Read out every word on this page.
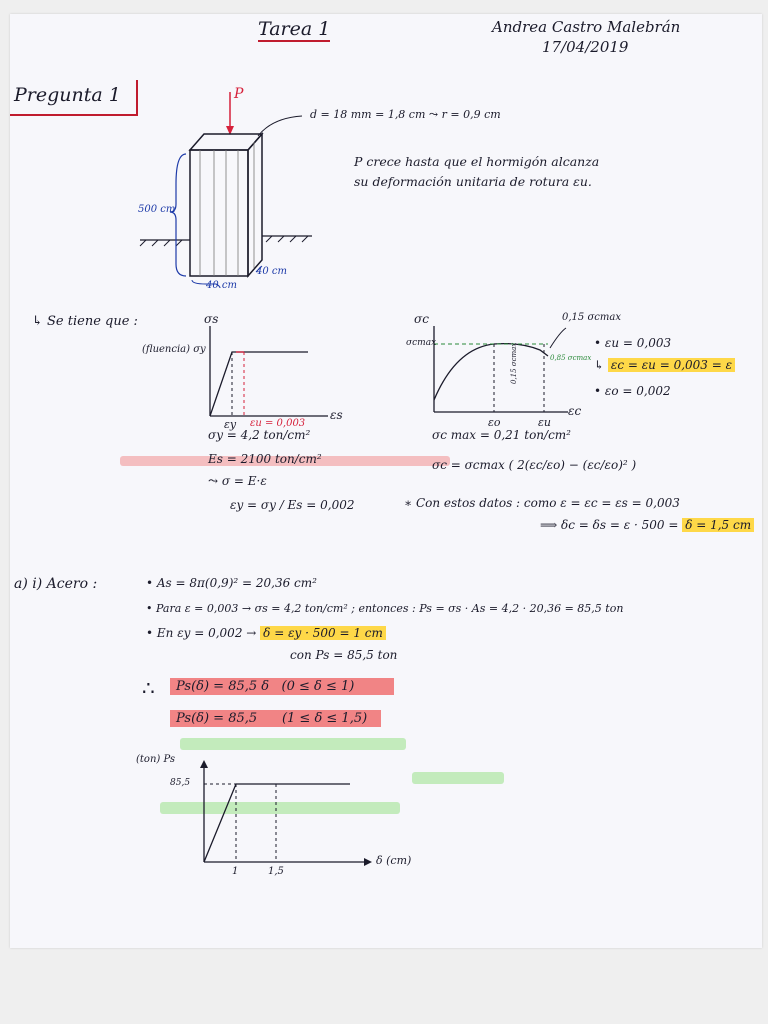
Tarea 1	Andrea Castro Malebrán
17/04/2019
Pregunta 1	P
d = 18 mm = 1,8 cm ⤳ r = 0,9 cm
500 cm
40 cm
40 cm
P crece hasta que el hormigón alcanza
su deformación unitaria de rotura εu.
↳ Se tiene que :	σs
(fluencia) σy
εs
εy εu = 0,003
σc
σcmax
εc
εo	εu
0,15 σcmax
0,85 σcmax
0,15 σcmax	• εu = 0,003
↳ εc = εu = 0,003 = ε
• εo = 0,002
σy = 4,2 ton/cm²
Es = 2100 ton/cm²
⤳ σ = E·ε
εy = σy / Es = 0,002
σc max = 0,21 ton/cm²
σc = σcmax ( 2(εc/εo) − (εc/εo)² )
∗ Con estos datos : como ε = εc = εs = 0,003
⟹ δc = δs = ε · 500 = δ = 1,5 cm
a) i) Acero :	• As = 8π(0,9)² = 20,36 cm²
• Para ε = 0,003 → σs = 4,2 ton/cm² ; entonces : Ps = σs · As = 4,2 · 20,36 = 85,5 ton
• En εy = 0,002 → δ = εy · 500 = 1 cm
con Ps = 85,5 ton
∴	Ps(δ) = 85,5 δ (0 ≤ δ ≤ 1)
Ps(δ) = 85,5 (1 ≤ δ ≤ 1,5)
(ton) Ps
85,5
δ (cm)
1	1,5
